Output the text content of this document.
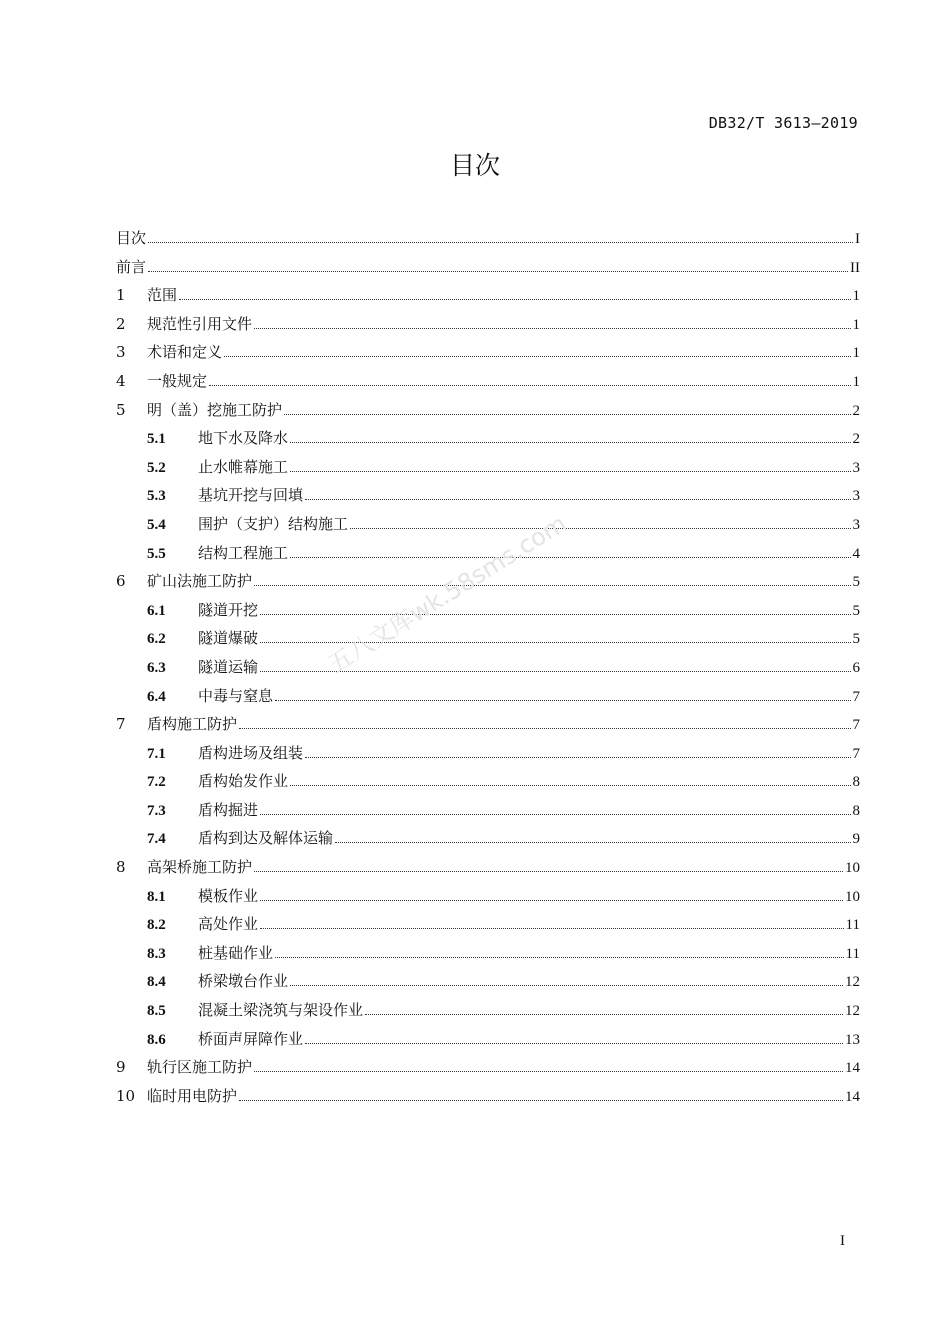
DB32/T 3613—2019
目次
目次	I
前言	II
1	范围	1
2	规范性引用文件	1
3	术语和定义	1
4	一般规定	1
5	明（盖）挖施工防护	2
5.1	地下水及降水	2
5.2	止水帷幕施工	3
5.3	基坑开挖与回填	3
5.4	围护（支护）结构施工	3
5.5	结构工程施工	4
6	矿山法施工防护	5
6.1	隧道开挖	5
6.2	隧道爆破	5
6.3	隧道运输	6
6.4	中毒与窒息	7
7	盾构施工防护	7
7.1	盾构进场及组装	7
7.2	盾构始发作业	8
7.3	盾构掘进	8
7.4	盾构到达及解体运输	9
8	高架桥施工防护	10
8.1	模板作业	10
8.2	高处作业	11
8.3	桩基础作业	11
8.4	桥梁墩台作业	12
8.5	混凝土梁浇筑与架设作业	12
8.6	桥面声屏障作业	13
9	轨行区施工防护	14
10 临时用电防护	14
五八文库wk.58sms.com
I
